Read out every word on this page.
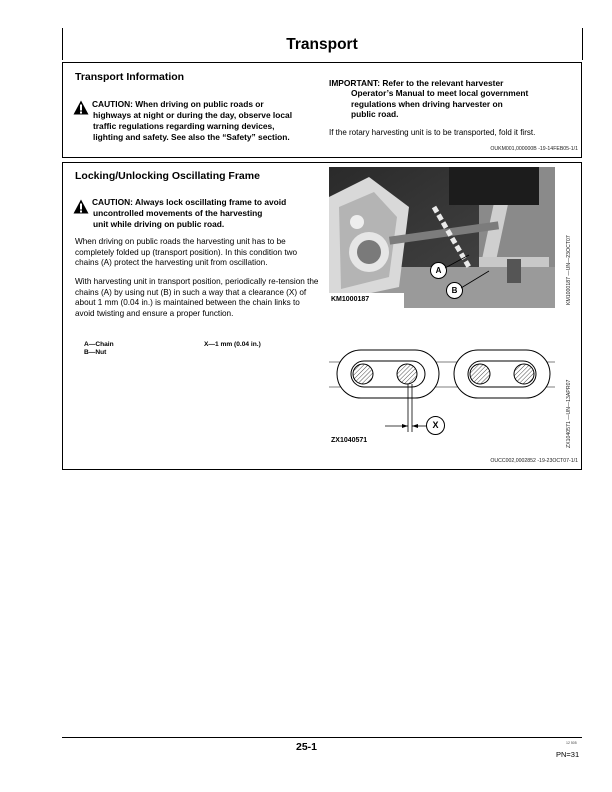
Transport
Transport Information
CAUTION: When driving on public roads or
highways at night or during the day, observe local
traffic regulations regarding warning devices,
lighting and safety. See also the “Safety” section.
IMPORTANT: Refer to the relevant harvester
Operator’s Manual to meet local government
regulations when driving harvester on
public road.
If the rotary harvesting unit is to be transported, fold it first.
OUKM001,000000B -19-14FEB05-1/1
Locking/Unlocking Oscillating Frame
CAUTION: Always lock oscillating frame to avoid
uncontrolled movements of the harvesting
unit while driving on public road.
When driving on public roads the harvesting unit has to be completely folded up (transport position). In this condition two chains (A) protect the harvesting unit from oscillation.
With harvesting unit in transport position, periodically re-tension the chains (A) by using nut (B) in such a way that a clearance (X) of about 1 mm (0.04 in.) is maintained between the chain links to avoid twisting and ensure a proper function.
A—Chain
B—Nut
X—1 mm (0.04 in.)
KM1000187
A
B	KM1000187 —UN—23OCT07
X
ZX1040571	ZX1040571 —UN—13APR07
OUCC002,0002852 -19-23OCT07-1/1
25-1	12 505
PN=31
